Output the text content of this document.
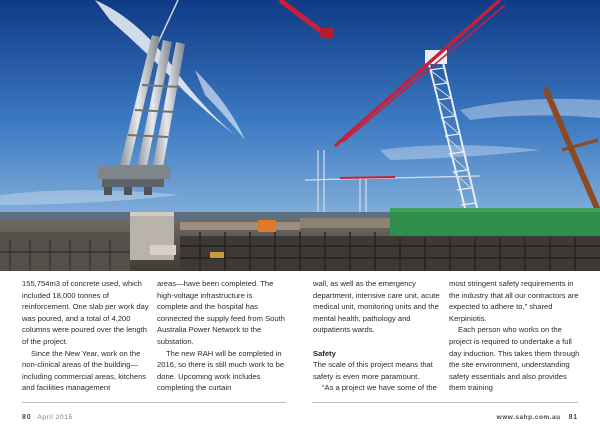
155,754m3 of concrete used, which included 18,000 tonnes of reinforcement. One slab per work day was poured, and a total of 4,200 columns were poured over the length of the project.

Since the New Year, work on the non-clinical areas of the building—including commercial areas, kitchens and facilities management

areas—have been completed. The high-voltage infrastructure is complete and the hospital has connected the supply feed from South Australia Power Network to the substation.

The new RAH will be completed in 2016, so there is still much work to be done. Upcoming work includes completing the curtain

wall, as well as the emergency department, intensive care unit, acute medical unit, monitoring units and the mental health, pathology and outpatients wards.

Safety

The scale of this project means that safety is even more paramount.

“As a project we have some of the

most stringent safety requirements in the industry that all our contractors are expected to adhere to,” shared Kerpiniotis.

Each person who works on the project is required to undertake a full day induction. This takes them through the site environment, understanding safety essentials and also provides them training

80 April 2015	www.sahp.com.au 81
